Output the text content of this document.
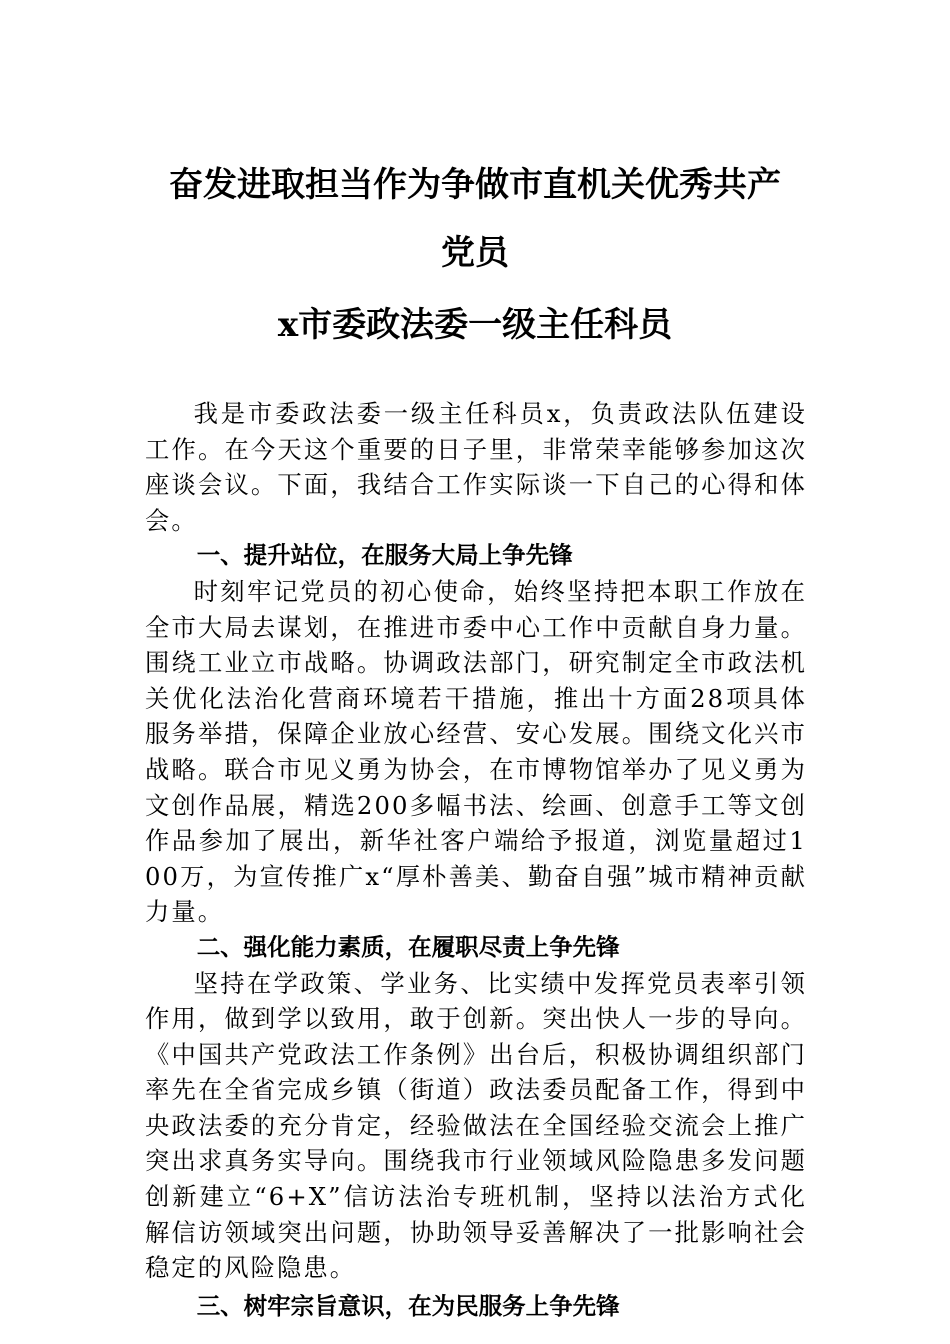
奋发进取担当作为争做市直机关优秀共产
党员
x市委政法委一级主任科员

我是市委政法委一级主任科员x，负责政法队伍建设工作。在今天这个重要的日子里，非常荣幸能够参加这次座谈会议。下面，我结合工作实际谈一下自己的心得和体会。

一、提升站位，在服务大局上争先锋

时刻牢记党员的初心使命，始终坚持把本职工作放在全市大局去谋划，在推进市委中心工作中贡献自身力量。围绕工业立市战略。协调政法部门，研究制定全市政法机关优化法治化营商环境若干措施，推出十方面28项具体服务举措，保障企业放心经营、安心发展。围绕文化兴市战略。联合市见义勇为协会，在市博物馆举办了见义勇为文创作品展，精选200多幅书法、绘画、创意手工等文创作品参加了展出，新华社客户端给予报道，浏览量超过100万，为宣传推广x“厚朴善美、勤奋自强”城市精神贡献力量。

二、强化能力素质，在履职尽责上争先锋

坚持在学政策、学业务、比实绩中发挥党员表率引领作用，做到学以致用，敢于创新。突出快人一步的导向。《中国共产党政法工作条例》出台后，积极协调组织部门率先在全省完成乡镇（街道）政法委员配备工作，得到中央政法委的充分肯定，经验做法在全国经验交流会上推广突出求真务实导向。围绕我市行业领域风险隐患多发问题创新建立“6+X”信访法治专班机制，坚持以法治方式化解信访领域突出问题，协助领导妥善解决了一批影响社会稳定的风险隐患。

三、树牢宗旨意识，在为民服务上争先锋
